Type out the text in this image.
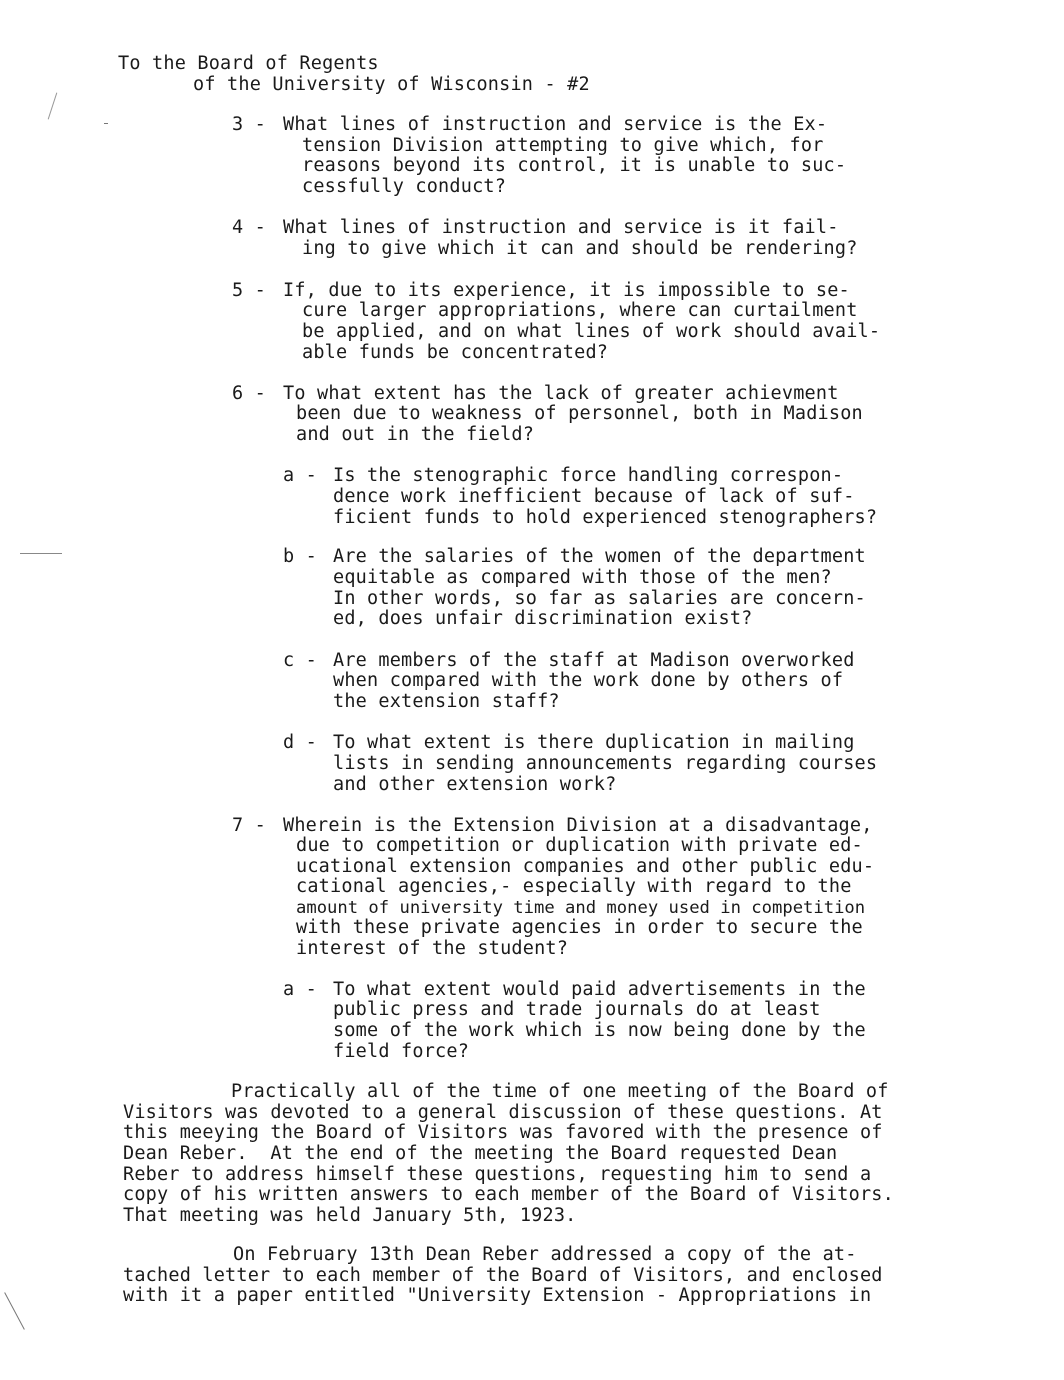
To the Board of Regents
of the University of Wisconsin - #2
3 - What lines of instruction and service is the Ex-
tension Division attempting to give which, for
reasons beyond its control, it is unable to suc-
cessfully conduct?
4 - What lines of instruction and service is it fail-
ing to give which it can and should be rendering?
5 - If, due to its experience, it is impossible to se-
cure larger appropriations, where can curtailment
be applied, and on what lines of work should avail-
able funds be concentrated?
6 - To what extent has the lack of greater achievment
been due to weakness of personnel, both in Madison
and out in the field?
a - Is the stenographic force handling correspon-
dence work inefficient because of lack of suf-
ficient funds to hold experienced stenographers?
b - Are the salaries of the women of the department
equitable as compared with those of the men?
In other words, so far as salaries are concern-
ed, does unfair discrimination exist?
c - Are members of the staff at Madison overworked
when compared with the work done by others of
the extension staff?
d - To what extent is there duplication in mailing
lists in sending announcements regarding courses
and other extension work?
7 - Wherein is the Extension Division at a disadvantage,
due to competition or duplication with private ed-
ucational extension companies and other public edu-
cational agencies,- especially with regard to the
amount of university time and money used in competition
with these private agencies in order to secure the
interest of the student?
a - To what extent would paid advertisements in the
public press and trade journals do at least
some of the work which is now being done by the
field force?
Practically all of the time of one meeting of the Board of
Visitors was devoted to a general discussion of these questions. At
this meeying the Board of Visitors was favored with the presence of
Dean Reber.  At the end of the meeting the Board requested Dean
Reber to address himself these questions, requesting him to send a
copy of his written answers to each member of the Board of Visitors.
That meeting was held January 5th, 1923.
On February 13th Dean Reber addressed a copy of the at-
tached letter to each member of the Board of Visitors, and enclosed
with it a paper entitled "University Extension - Appropriations in
